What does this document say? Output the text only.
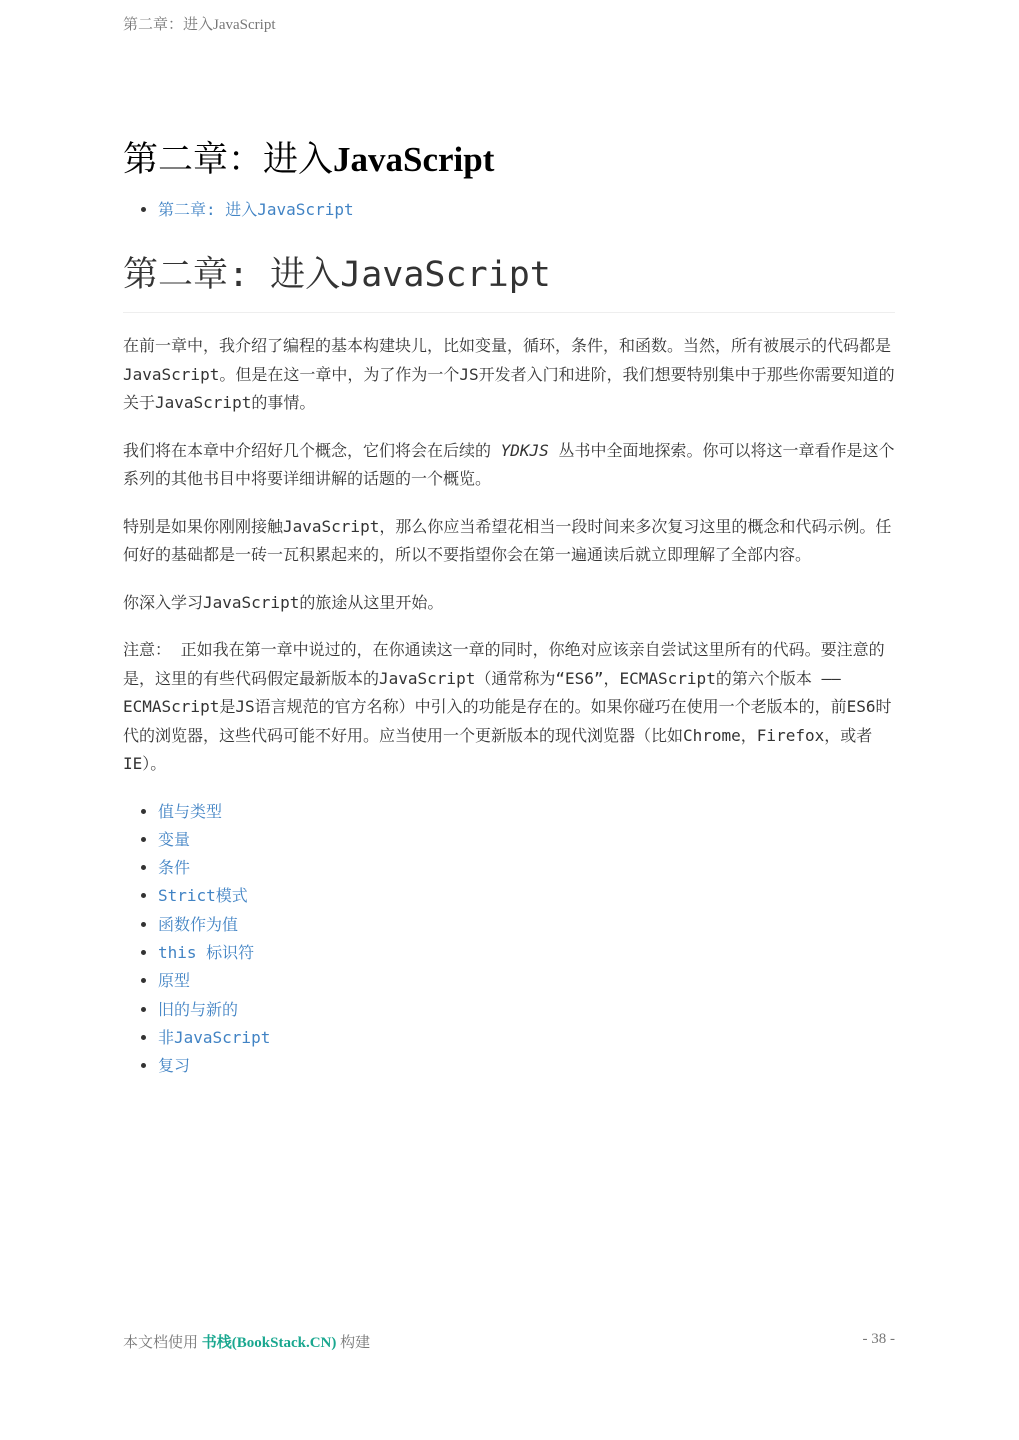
第二章：进入JavaScript
第二章：进入JavaScript
• 第二章: 进入JavaScript
第二章: 进入JavaScript

在前一章中，我介绍了编程的基本构建块儿，比如变量，循环，条件，和函数。当然，所有被展示的代码都是JavaScript。但是在这一章中，为了作为一个JS开发者入门和进阶，我们想要特别集中于那些你需要知道的关于JavaScript的事情。

我们将在本章中介绍好几个概念，它们将会在后续的 YDKJS 丛书中全面地探索。你可以将这一章看作是这个系列的其他书目中将要详细讲解的话题的一个概览。

特别是如果你刚刚接触JavaScript，那么你应当希望花相当一段时间来多次复习这里的概念和代码示例。任何好的基础都是一砖一瓦积累起来的，所以不要指望你会在第一遍通读后就立即理解了全部内容。

你深入学习JavaScript的旅途从这里开始。

注意： 正如我在第一章中说过的，在你通读这一章的同时，你绝对应该亲自尝试这里所有的代码。要注意的是，这里的有些代码假定最新版本的JavaScript（通常称为“ES6”，ECMAScript的第六个版本 —— ECMAScript是JS语言规范的官方名称）中引入的功能是存在的。如果你碰巧在使用一个老版本的，前ES6时代的浏览器，这些代码可能不好用。应当使用一个更新版本的现代浏览器（比如Chrome，Firefox，或者IE）。

• 值与类型
• 变量
• 条件
• Strict模式
• 函数作为值
• this 标识符
• 原型
• 旧的与新的
• 非JavaScript
• 复习
本文档使用 书栈(BookStack.CN) 构建	- 38 -
